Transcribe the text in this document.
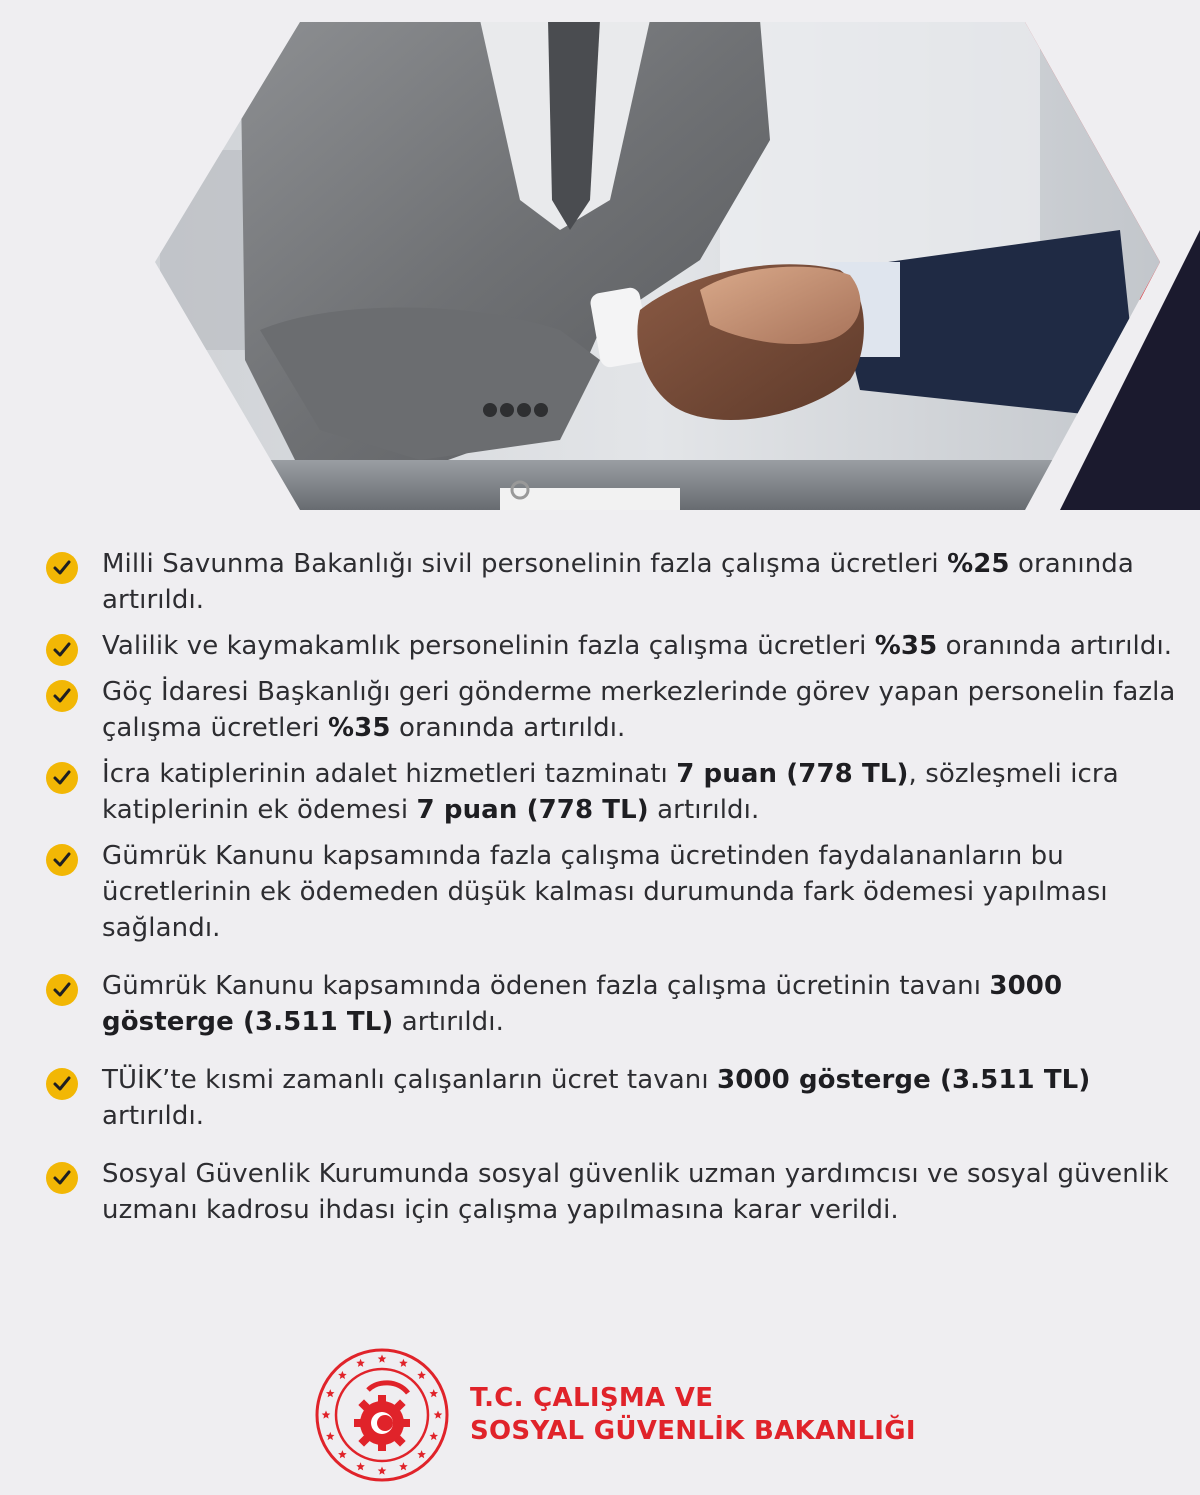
Milli Savunma Bakanlığı sivil personelinin fazla çalışma ücretleri %25 oranında artırıldı.
Valilik ve kaymakamlık personelinin fazla çalışma ücretleri %35 oranında artırıldı.
Göç İdaresi Başkanlığı geri gönderme merkezlerinde görev yapan personelin fazla çalışma ücretleri %35 oranında artırıldı.
İcra katiplerinin adalet hizmetleri tazminatı 7 puan (778 TL), sözleşmeli icra katiplerinin ek ödemesi 7 puan (778 TL) artırıldı.
Gümrük Kanunu kapsamında fazla çalışma ücretinden faydalananların bu ücretlerinin ek ödemeden düşük kalması durumunda fark ödemesi yapılması sağlandı.
Gümrük Kanunu kapsamında ödenen fazla çalışma ücretinin tavanı 3000 gösterge (3.511 TL) artırıldı.
TÜİK’te kısmi zamanlı çalışanların ücret tavanı 3000 gösterge (3.511 TL) artırıldı.
Sosyal Güvenlik Kurumunda sosyal güvenlik uzman yardımcısı ve sosyal güvenlik uzmanı kadrosu ihdası için çalışma yapılmasına karar verildi.
T.C. ÇALIŞMA VE
SOSYAL GÜVENLİK BAKANLIĞI
